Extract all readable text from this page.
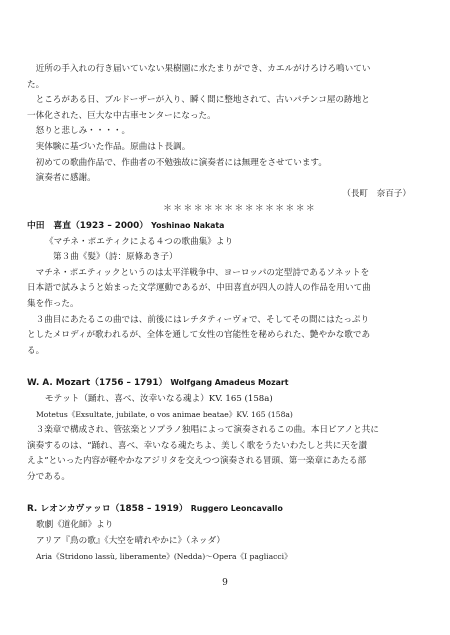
　近所の手入れの行き届いていない果樹園に水たまりができ、カエルがけろけろ鳴いてい

た。

　ところがある日、ブルドーザーが入り、瞬く間に整地されて、古いパチンコ屋の跡地と

一体化された、巨大な中古車センターになった。

　怒りと悲しみ・・・・。

　実体験に基づいた作品。原曲はト長調。

　初めての歌曲作品で、作曲者の不勉強故に演奏者には無理をさせています。

　演奏者に感謝。

（長町　奈百子）

＊＊＊＊＊＊＊＊＊＊＊＊＊＊＊

中田　喜直（1923 – 2000） Yoshinao Nakata

《マチネ・ポエティクによる４つの歌曲集》より

第３曲《髪》（詩：原條あき子）

　マチネ・ポエティックというのは太平洋戦争中、ヨーロッパの定型詩であるソネットを

日本語で試みようと始まった文学運動であるが、中田喜直が四人の詩人の作品を用いて曲

集を作った。

　３曲目にあたるこの曲では、前後にはレチタティーヴォで、そしてその間にはたっぷり

としたメロディが歌われるが、全体を通して女性の官能性を秘められた、艶やかな歌であ

る。

W. A. Mozart（1756 – 1791） Wolfgang Amadeus Mozart

モテット（踊れ、喜べ、汝幸いなる魂よ）KV. 165 (158a)

Motetus《Exsultate, jubilate, o vos animae beatae》KV. 165 (158a)

　３楽章で構成され、管弦楽とソプラノ独唱によって演奏されるこの曲。本日ピアノと共に

演奏するのは、“踊れ、喜べ、幸いなる魂たちよ、美しく歌をうたいわたしと共に天を讃

えよ”といった内容が軽やかなアジリタを交えつつ演奏される冒頭、第一楽章にあたる部

分である。

R. レオンカヴァッロ（1858 – 1919） Ruggero Leoncavallo

歌劇《道化師》より

アリア『鳥の歌』《大空を晴れやかに》（ネッダ）

Aria《Stridono lassù, liberamente》(Nedda)～Opera《I pagliacci》

9
